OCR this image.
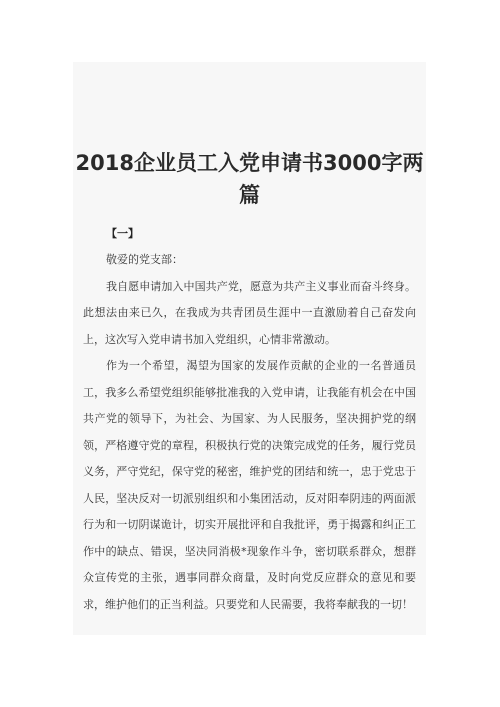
2018企业员工入党申请书3000字两篇
【一】

敬爱的党支部：

我自愿申请加入中国共产党，愿意为共产主义事业而奋斗终身。此想法由来已久，在我成为共青团员生涯中一直激励着自己奋发向上，这次写入党申请书加入党组织，心情非常激动。

作为一个希望，渴望为国家的发展作贡献的企业的一名普通员工，我多么希望党组织能够批准我的入党申请，让我能有机会在中国共产党的领导下，为社会、为国家、为人民服务，坚决拥护党的纲领，严格遵守党的章程，积极执行党的决策完成党的任务，履行党员义务，严守党纪，保守党的秘密，维护党的团结和统一，忠于党忠于人民，坚决反对一切派别组织和小集团活动，反对阳奉阴违的两面派行为和一切阴谋诡计，切实开展批评和自我批评，勇于揭露和纠正工作中的缺点、错误，坚决同消极*现象作斗争，密切联系群众，想群众宣传党的主张，遇事同群众商量，及时向党反应群众的意见和要求，维护他们的正当利益。只要党和人民需要，我将奉献我的一切！
